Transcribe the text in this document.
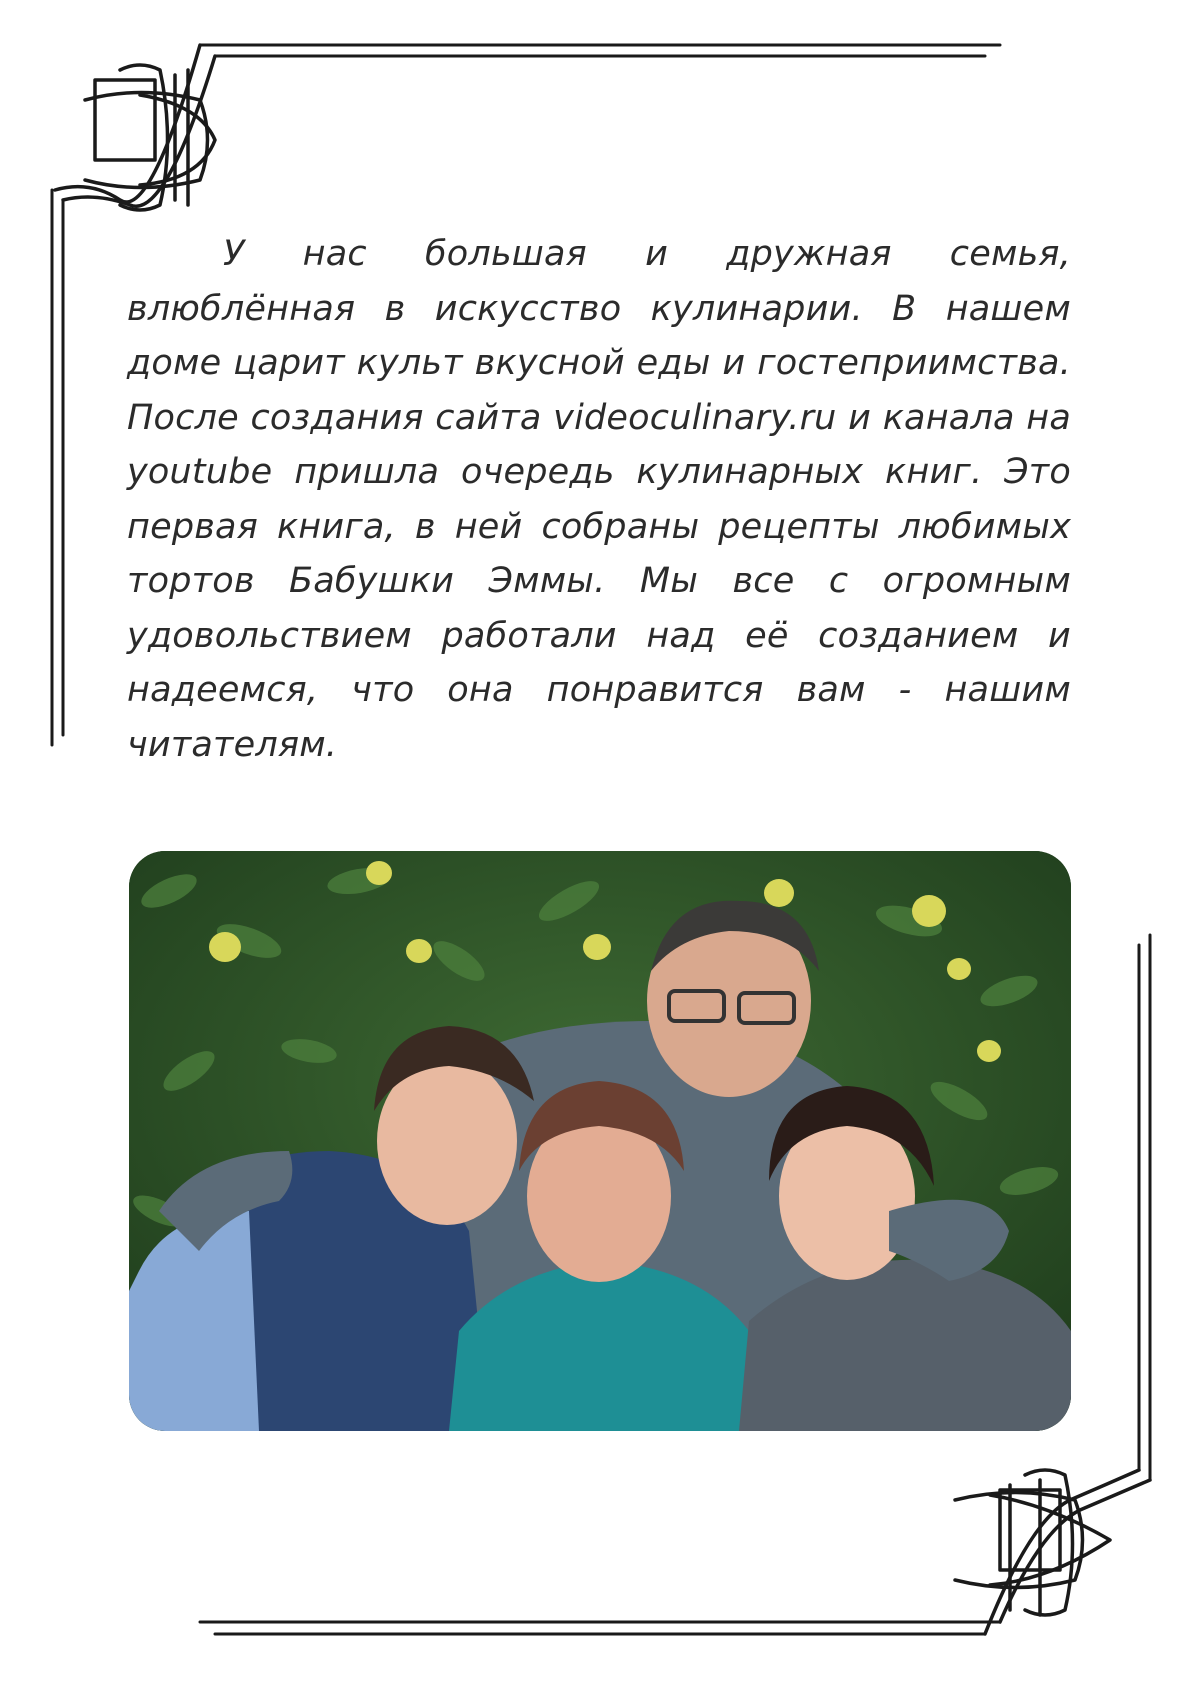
У нас большая и дружная семья, влюблённая в искусство кулинарии. В нашем доме царит культ вкусной еды и гостеприимства. После создания сайта videoculinary.ru и канала на youtube пришла очередь кулинарных книг. Это первая книга, в ней собраны рецепты любимых тортов Бабушки Эммы. Мы все с огромным удовольствием работали над её созданием и надеемся, что она понравится вам - нашим читателям.
